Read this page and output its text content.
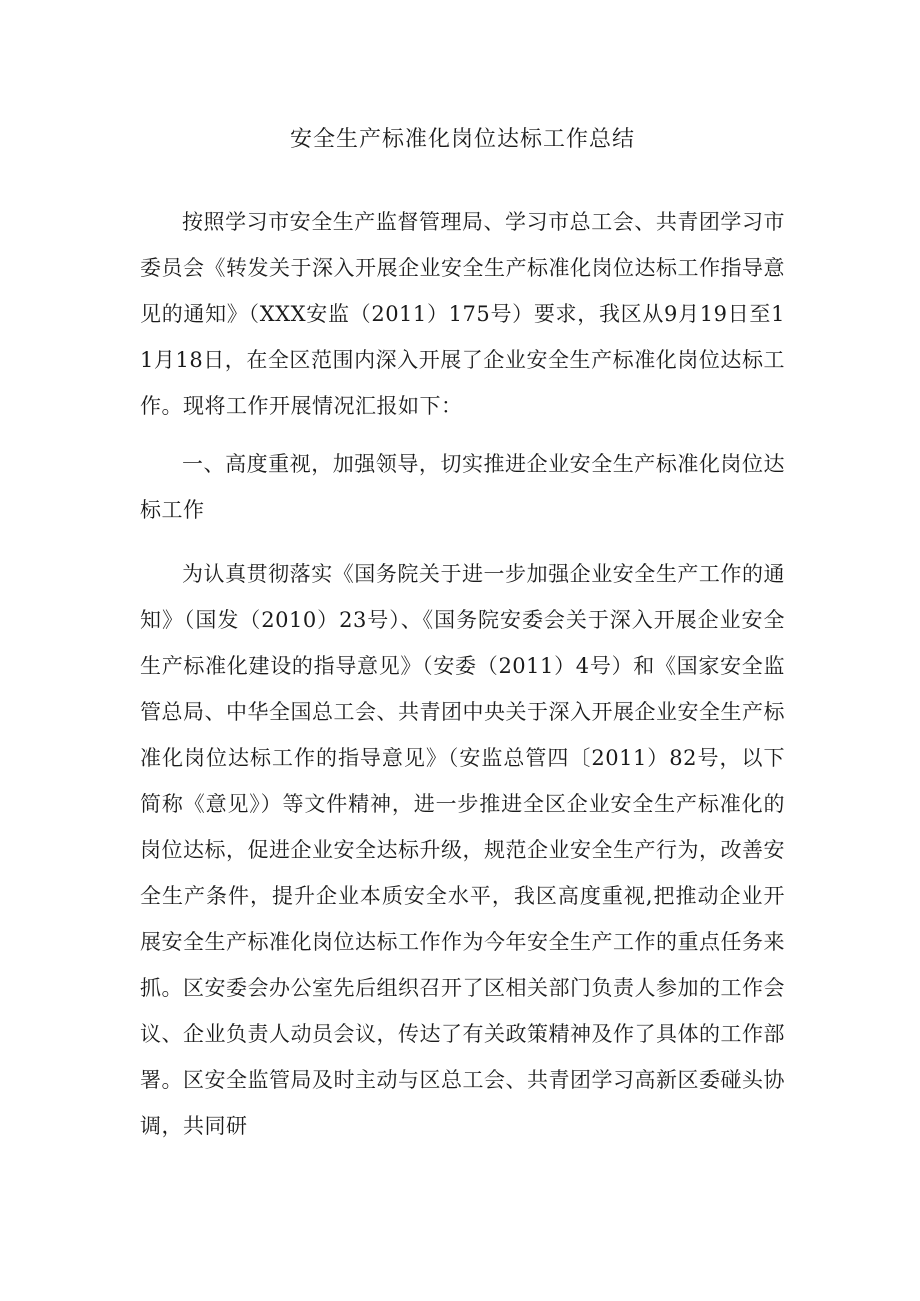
安全生产标准化岗位达标工作总结

按照学习市安全生产监督管理局、学习市总工会、共青团学习市委员会《转发关于深入开展企业安全生产标准化岗位达标工作指导意见的通知》（XXX安监（2011）175号）要求，我区从9月19日至11月18日，在全区范围内深入开展了企业安全生产标准化岗位达标工作。现将工作开展情况汇报如下：

一、高度重视，加强领导，切实推进企业安全生产标准化岗位达标工作

为认真贯彻落实《国务院关于进一步加强企业安全生产工作的通知》（国发（2010）23号）、《国务院安委会关于深入开展企业安全生产标准化建设的指导意见》（安委（2011）4号）和《国家安全监管总局、中华全国总工会、共青团中央关于深入开展企业安全生产标准化岗位达标工作的指导意见》（安监总管四〔2011）82号，以下简称《意见》）等文件精神，进一步推进全区企业安全生产标准化的岗位达标，促进企业安全达标升级，规范企业安全生产行为，改善安全生产条件，提升企业本质安全水平，我区高度重视,把推动企业开展安全生产标准化岗位达标工作作为今年安全生产工作的重点任务来抓。区安委会办公室先后组织召开了区相关部门负责人参加的工作会议、企业负责人动员会议，传达了有关政策精神及作了具体的工作部署。区安全监管局及时主动与区总工会、共青团学习高新区委碰头协调，共同研
